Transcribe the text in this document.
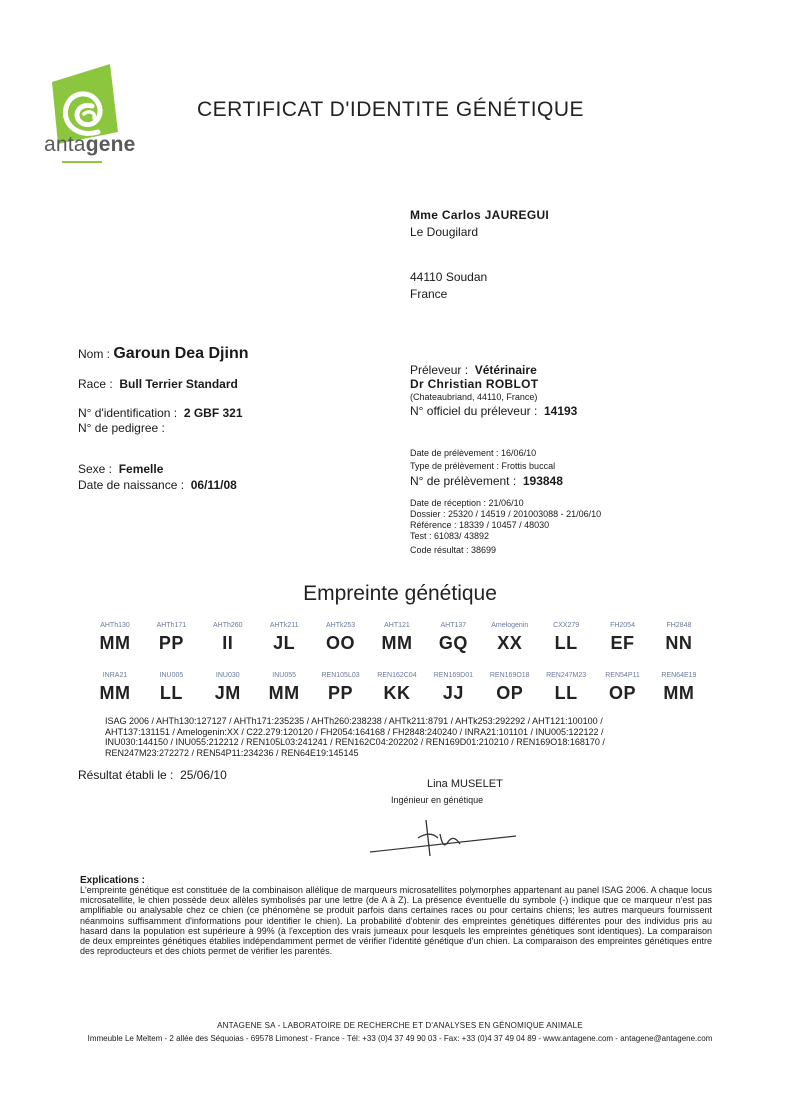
antagene
CERTIFICAT D'IDENTITE GÉNÉTIQUE
Mme Carlos JAUREGUI
Le Dougilard
44110 Soudan
France
Nom : Garoun Dea Djinn
Race : Bull Terrier Standard
N° d'identification : 2 GBF 321
N° de pedigree :
Sexe : Femelle
Date de naissance : 06/11/08
Préleveur : Vétérinaire
Dr Christian ROBLOT
(Chateaubriand, 44110, France)
N° officiel du préleveur : 14193
Date de prélèvement : 16/06/10
Type de prélèvement : Frottis buccal
N° de prélèvement : 193848
Date de réception : 21/06/10
Dossier : 25320 / 14519 / 201003088 - 21/06/10
Référence : 18339 / 10457 / 48030
Test : 61083/ 43892
Code résultat : 38699
Empreinte génétique
AHTh130
MM
AHTh171
PP
AHTh260
II
AHTk211
JL
AHTk253
OO
AHT121
MM
AHT137
GQ
Amelogenin
XX
CXX279
LL
FH2054
EF
FH2848
NN
INRA21
MM
INU005
LL
INU030
JM
INU055
MM
REN105L03
PP
REN162C04
KK
REN169D01
JJ
REN169O18
OP
REN247M23
LL
REN54P11
OP
REN64E19
MM
ISAG 2006 / AHTh130:127127 / AHTh171:235235 / AHTh260:238238 / AHTk211:8791 / AHTk253:292292 / AHT121:100100 / AHT137:131151 / Amelogenin:XX / C22.279:120120 / FH2054:164168 / FH2848:240240 / INRA21:101101 / INU005:122122 / INU030:144150 / INU055:212212 / REN105L03:241241 / REN162C04:202202 / REN169D01:210210 / REN169O18:168170 / REN247M23:272272 / REN54P11:234236 / REN64E19:145145
Résultat établi le : 25/06/10
Lina MUSELET
Ingénieur en génétique
Explications :
L'empreinte génétique est constituée de la combinaison allélique de marqueurs microsatellites polymorphes appartenant au panel ISAG 2006. A chaque locus microsatellite, le chien possède deux allèles symbolisés par une lettre (de A à Z). La présence éventuelle du symbole (-) indique que ce marqueur n'est pas amplifiable ou analysable chez ce chien (ce phénomène se produit parfois dans certaines races ou pour certains chiens; les autres marqueurs fournissent néanmoins suffisamment d'informations pour identifier le chien). La probabilité d'obtenir des empreintes génétiques différentes pour des individus pris au hasard dans la population est supérieure à 99% (à l'exception des vrais jumeaux pour lesquels les empreintes génétiques sont identiques). La comparaison de deux empreintes génétiques établies indépendamment permet de vérifier l'identité génétique d'un chien. La comparaison des empreintes génétiques entre des reproducteurs et des chiots permet de vérifier les parentés.
ANTAGENE SA - LABORATOIRE DE RECHERCHE ET D'ANALYSES EN GÉNOMIQUE ANIMALE
Immeuble Le Meltem - 2 allée des Séquoias - 69578 Limonest - France - Tél: +33 (0)4 37 49 90 03 - Fax: +33 (0)4 37 49 04 89 - www.antagene.com - antagene@antagene.com
